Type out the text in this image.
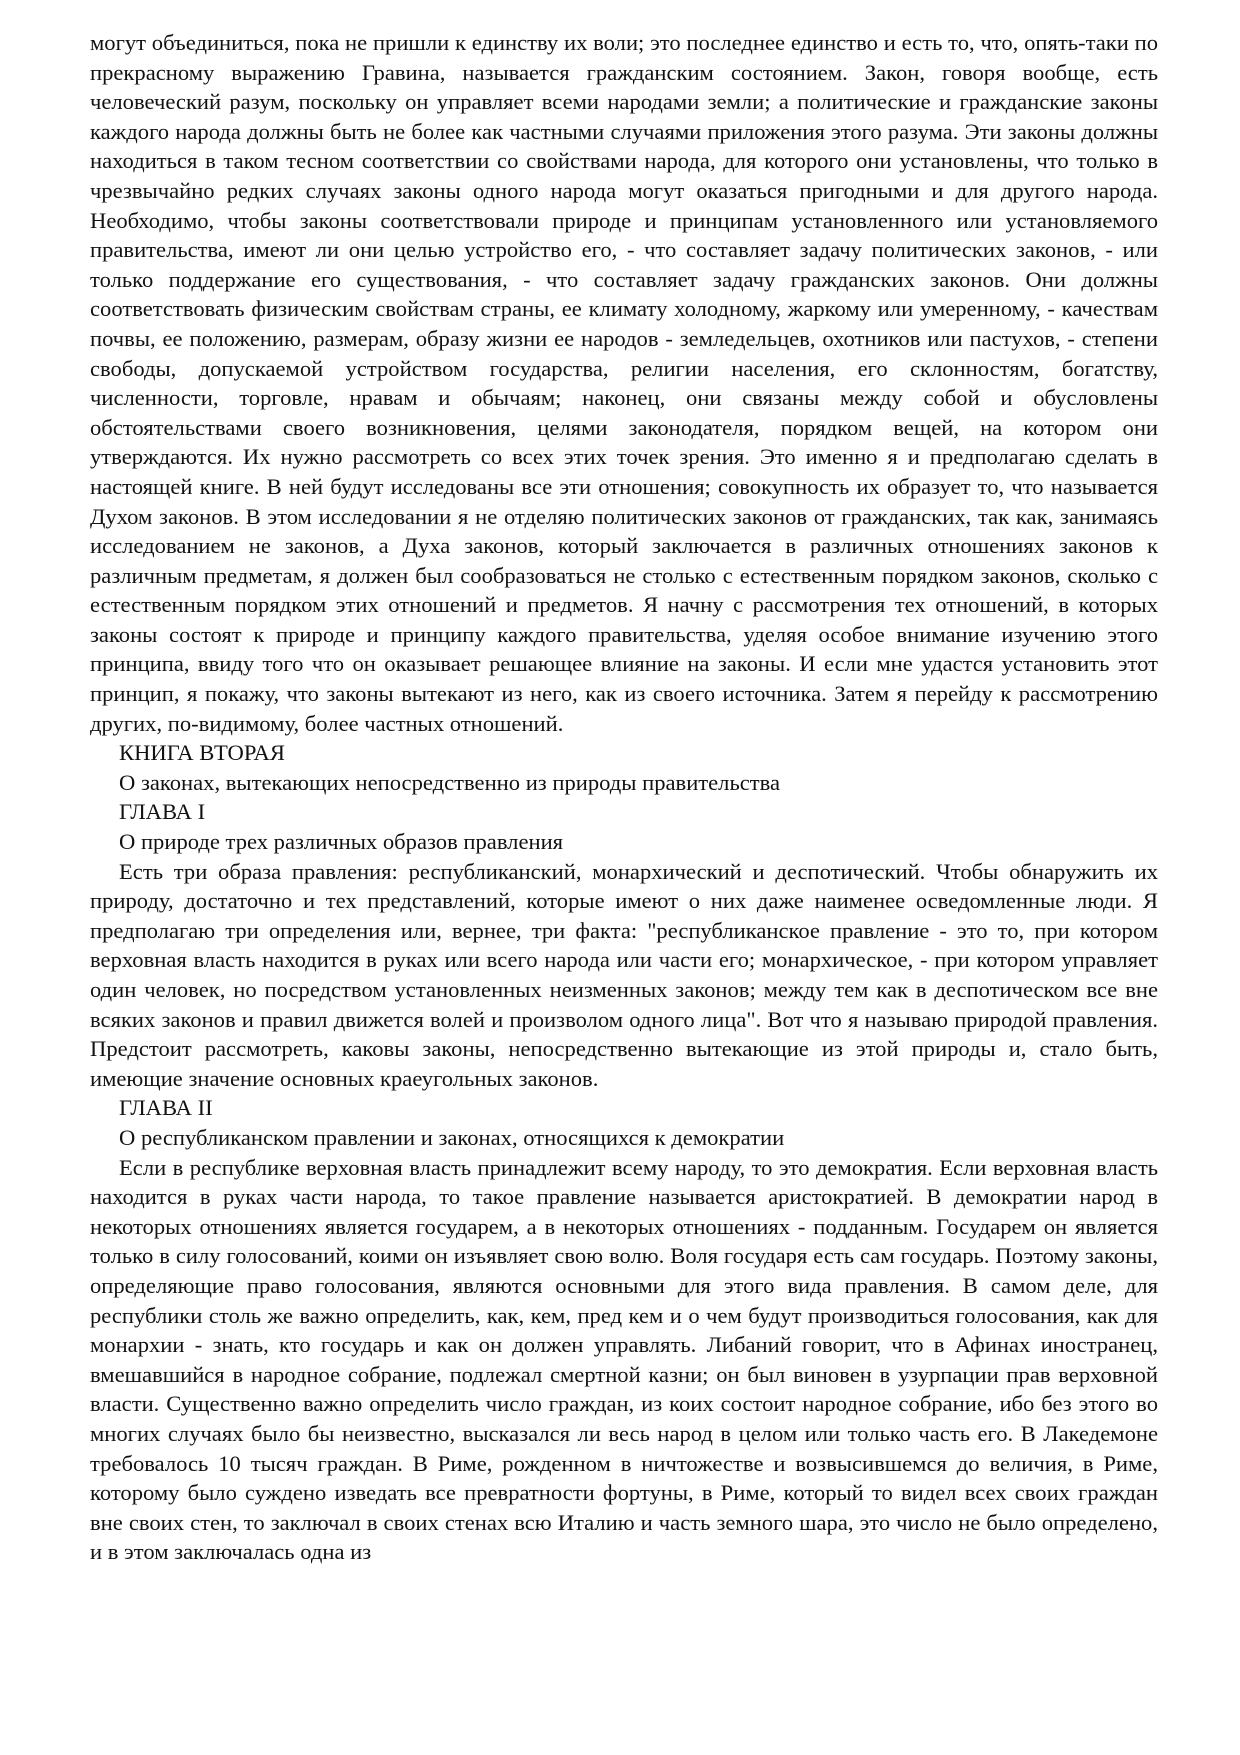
могут объединиться, пока не пришли к единству их воли; это последнее единство и есть то, что, опять-таки по прекрасному выражению Гравина, называется гражданским состоянием. Закон, говоря вообще, есть человеческий разум, поскольку он управляет всеми народами земли; а политические и гражданские законы каждого народа должны быть не более как частными случаями приложения этого разума. Эти законы должны находиться в таком тесном соответствии со свойствами народа, для которого они установлены, что только в чрезвычайно редких случаях законы одного народа могут оказаться пригодными и для другого народа. Необходимо, чтобы законы соответствовали природе и принципам установленного или установляемого правительства, имеют ли они целью устройство его, - что составляет задачу политических законов, - или только поддержание его существования, - что составляет задачу гражданских законов. Они должны соответствовать физическим свойствам страны, ее климату холодному, жаркому или умеренному, - качествам почвы, ее положению, размерам, образу жизни ее народов - земледельцев, охотников или пастухов, - степени свободы, допускаемой устройством государства, религии населения, его склонностям, богатству, численности, торговле, нравам и обычаям; наконец, они связаны между собой и обусловлены обстоятельствами своего возникновения, целями законодателя, порядком вещей, на котором они утверждаются. Их нужно рассмотреть со всех этих точек зрения. Это именно я и предполагаю сделать в настоящей книге. В ней будут исследованы все эти отношения; совокупность их образует то, что называется Духом законов. В этом исследовании я не отделяю политических законов от гражданских, так как, занимаясь исследованием не законов, а Духа законов, который заключается в различных отношениях законов к различным предметам, я должен был сообразоваться не столько с естественным порядком законов, сколько с естественным порядком этих отношений и предметов. Я начну с рассмотрения тех отношений, в которых законы состоят к природе и принципу каждого правительства, уделяя особое внимание изучению этого принципа, ввиду того что он оказывает решающее влияние на законы. И если мне удастся установить этот принцип, я покажу, что законы вытекают из него, как из своего источника. Затем я перейду к рассмотрению других, по-видимому, более частных отношений.

КНИГА ВТОРАЯ

О законах, вытекающих непосредственно из природы правительства

ГЛАВА I

О природе трех различных образов правления

Есть три образа правления: республиканский, монархический и деспотический. Чтобы обнаружить их природу, достаточно и тех представлений, которые имеют о них даже наименее осведомленные люди. Я предполагаю три определения или, вернее, три факта: "республиканское правление - это то, при котором верховная власть находится в руках или всего народа или части его; монархическое, - при котором управляет один человек, но посредством установленных неизменных законов; между тем как в деспотическом все вне всяких законов и правил движется волей и произволом одного лица". Вот что я называю природой правления. Предстоит рассмотреть, каковы законы, непосредственно вытекающие из этой природы и, стало быть, имеющие значение основных краеугольных законов.

ГЛАВА II

О республиканском правлении и законах, относящихся к демократии

Если в республике верховная власть принадлежит всему народу, то это демократия. Если верховная власть находится в руках части народа, то такое правление называется аристократией. В демократии народ в некоторых отношениях является государем, а в некоторых отношениях - подданным. Государем он является только в силу голосований, коими он изъявляет свою волю. Воля государя есть сам государь. Поэтому законы, определяющие право голосования, являются основными для этого вида правления. В самом деле, для республики столь же важно определить, как, кем, пред кем и о чем будут производиться голосования, как для монархии - знать, кто государь и как он должен управлять. Либаний говорит, что в Афинах иностранец, вмешавшийся в народное собрание, подлежал смертной казни; он был виновен в узурпации прав верховной власти. Существенно важно определить число граждан, из коих состоит народное собрание, ибо без этого во многих случаях было бы неизвестно, высказался ли весь народ в целом или только часть его. В Лакедемоне требовалось 10 тысяч граждан. В Риме, рожденном в ничтожестве и возвысившемся до величия, в Риме, которому было суждено изведать все превратности фортуны, в Риме, который то видел всех своих граждан вне своих стен, то заключал в своих стенах всю Италию и часть земного шара, это число не было определено, и в этом заключалась одна из
